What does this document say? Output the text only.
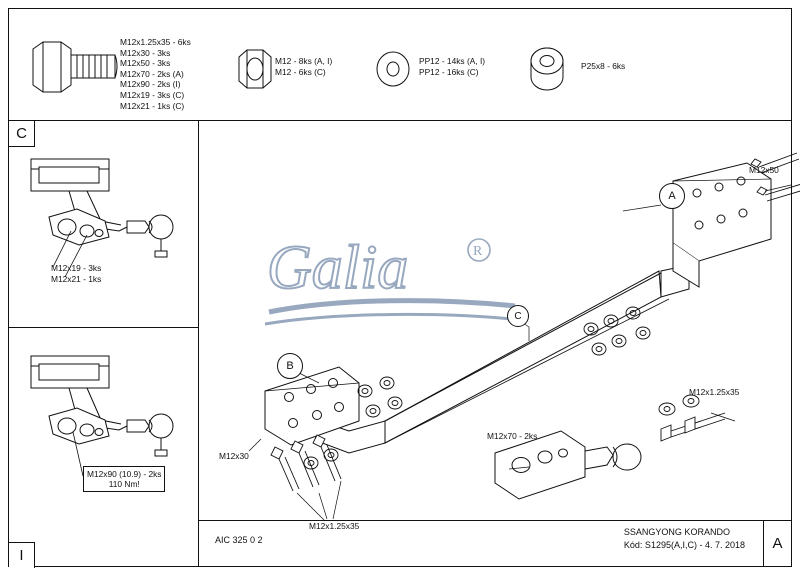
M12x1.25x35 - 6ks
M12x30 - 3ks
M12x50 - 3ks
M12x70 - 2ks (A)
M12x90 - 2ks (I)
M12x19 - 3ks (C)
M12x21 - 1ks (C)
M12 - 8ks (A, I)
M12 - 6ks (C)
PP12 - 14ks (A, I)
PP12 - 16ks (C)
P25x8 - 6ks
C
M12x19 - 3ks
M12x21 - 1ks
I
M12x90 (10.9) - 2ks
110 Nm!
Galia	R
A
B
C
M12x50
M12x1.25x35
M12x70 - 2ks
M12x30
M12x1.25x35
AIC 325 0 2
SSANGYONG KORANDO
Kód: S1295(A,I,C) - 4. 7. 2018	A
